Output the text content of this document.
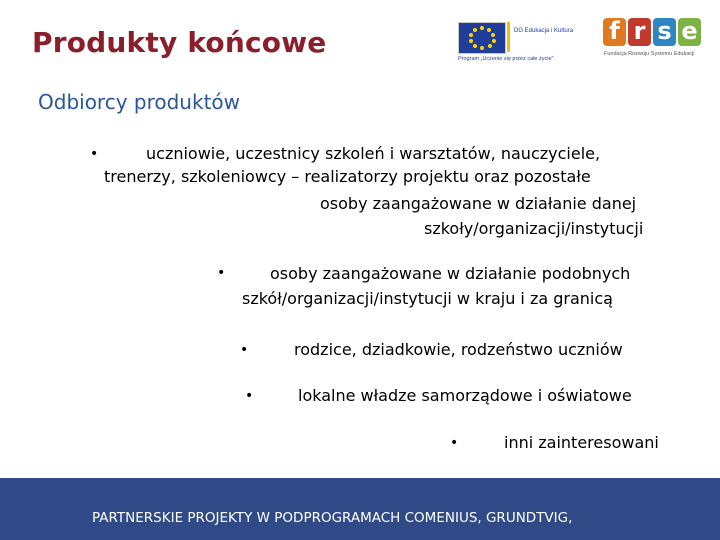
Produkty końcowe	DG Edukacja i Kultura
Program „Uczenie się przez całe życie”
f r s e
Fundacja Rozwoju Systemu Edukacji
Odbiorcy produktów
•	uczniowie, uczestnicy szkoleń i warsztatów, nauczyciele,
trenerzy, szkoleniowcy – realizatorzy projektu oraz pozostałe
osoby zaangażowane w działanie danej
szkoły/organizacji/instytucji
•	osoby zaangażowane w działanie podobnych
szkół/organizacji/instytucji w kraju i za granicą
•	rodzice, dziadkowie, rodzeństwo uczniów
•	lokalne władze samorządowe i oświatowe
•	inni zainteresowani
PARTNERSKIE PROJEKTY W PODPROGRAMACH COMENIUS, GRUNDTVIG,
